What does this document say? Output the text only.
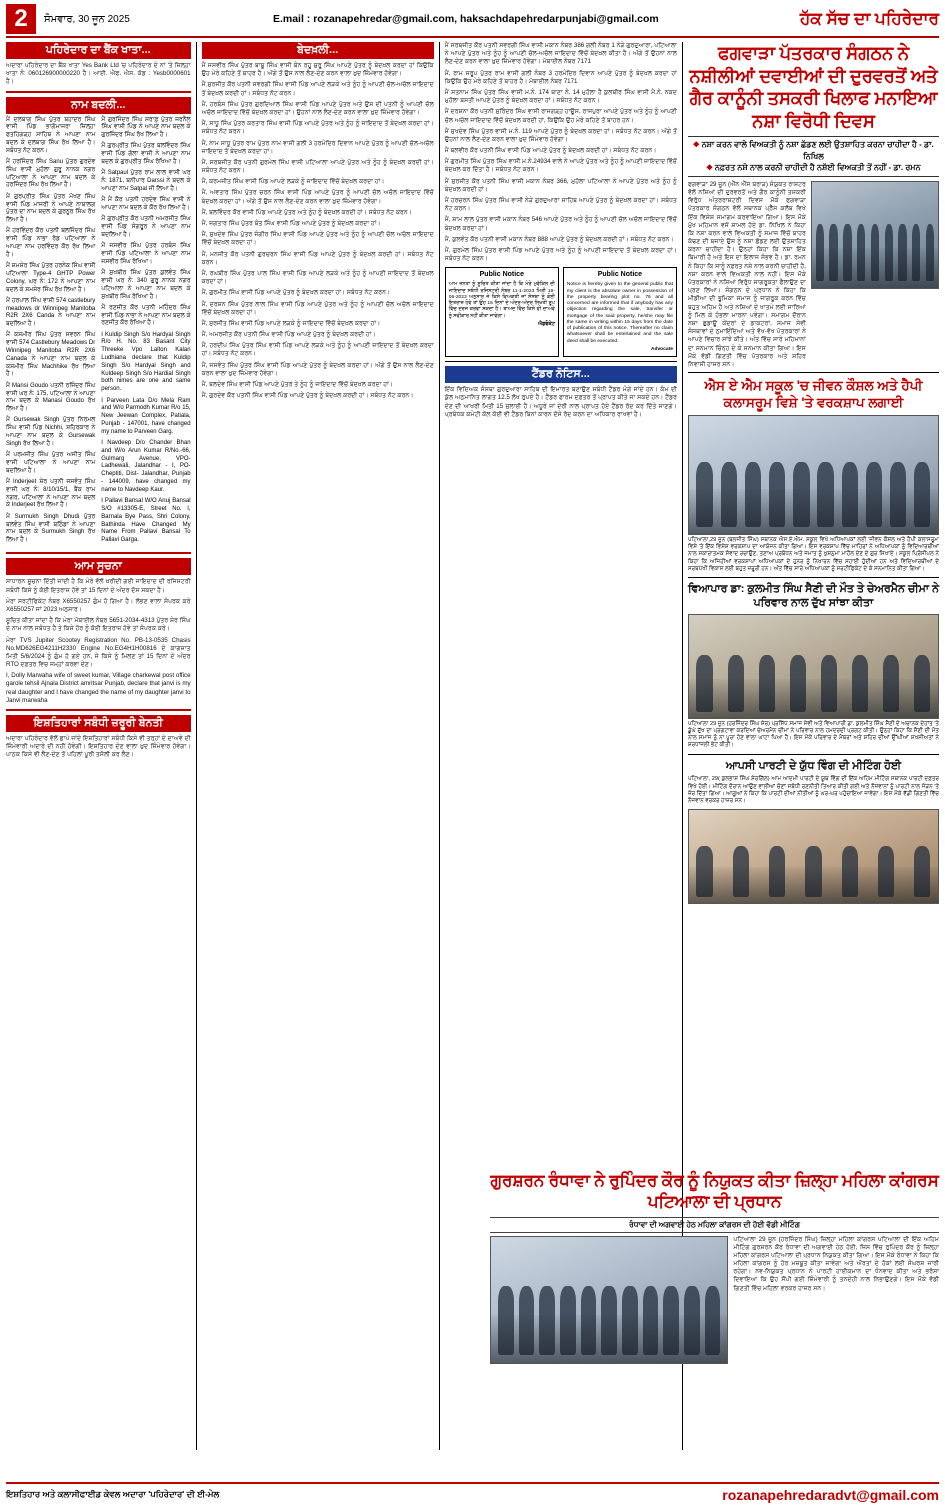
2	ਸੋਮਵਾਰ, 30 ਜੂਨ 2025	E.mail :
rozanapehredar@gmail.com, haksachdapehredarpunjabi@gmail.com	ਹੱਕ ਸੱਚ ਦਾ ਪਹਿਰੇਦਾਰ
ਪਹਿਰੇਦਾਰ ਦਾ ਬੈਂਕ ਖਾਤਾ...
ਅਦਾਰਾ ਪਹਿਰੇਦਾਰ ਦਾ ਬੈਂਕ ਖਾਤਾ Yes Bank Ltd 'ਚ ਪਹਿਰੇਦਾਰ ਦੇ ਨਾਂ 'ਤੇ ਜ਼ਿਲ੍ਹਾ ਖਾਤਾ ਨੰ: 060126900000220 ਹੈ। ਆਈ. ਐਫ. ਐਸ. ਕੋਡ : Yesb0000601 ਹੈ।
ਨਾਮ ਬਦਲੀ...

ਮੈਂ ਦਲਬਾਗ ਸਿੰਘ ਪੁੱਤਰ ਬਹਾਦਰ ਸਿੰਘ ਵਾਸੀ ਪਿੰਡ ਭਾਗੋਮਾਜਰਾ ਜ਼ਿਲ੍ਹਾ ਫਤਹਿਗੜ੍ਹ ਸਾਹਿਬ ਨੇ ਆਪਣਾ ਨਾਮ ਬਦਲ ਕੇ ਦਲਬਾਗ ਸਿੰਘ ਰੱਖ ਲਿਆ ਹੈ। ਸਬੰਧਤ ਨੋਟ ਕਰਨ।

ਮੈਂ ਹਰਜਿੰਦਰ ਸਿੰਘ Sanu ਪੁੱਤਰ ਗੁਰਦੇਵ ਸਿੰਘ ਵਾਸੀ ਮੁਹੱਲਾ ਗੁਰੂ ਨਾਨਕ ਨਗਰ ਪਟਿਆਲਾ ਨੇ ਆਪਣਾ ਨਾਮ ਬਦਲ ਕੇ ਹਰਜਿੰਦਰ ਸਿੰਘ ਰੱਖ ਲਿਆ ਹੈ।

ਮੈਂ ਗੁਰਪ੍ਰੀਤ ਸਿੰਘ ਪੁੱਤਰ ਮੱਖਣ ਸਿੰਘ ਵਾਸੀ ਪਿੰਡ ਮਾਜਰੀ ਨੇ ਆਪਣੇ ਨਾਬਾਲਗ ਪੁੱਤਰ ਦਾ ਨਾਮ ਬਦਲ ਕੇ ਗੁਰਨੂਰ ਸਿੰਘ ਰੱਖ ਲਿਆ ਹੈ।

ਮੈਂ ਹਰਵਿੰਦਰ ਕੌਰ ਪਤਨੀ ਬਲਜਿੰਦਰ ਸਿੰਘ ਵਾਸੀ ਪਿੰਡ ਨਾਭਾ ਰੋਡ ਪਟਿਆਲਾ ਨੇ ਆਪਣਾ ਨਾਮ ਹਰਵਿੰਦਰ ਕੌਰ ਰੱਖ ਲਿਆ ਹੈ।

ਮੈਂ ਸ਼ਮਸ਼ੇਰ ਸਿੰਘ ਪੁੱਤਰ ਹਰਨੇਕ ਸਿੰਘ ਵਾਸੀ ਪਟਿਆਲਾ Type-4 GHTP Power Colony, ਘਰ ਨੰ: 172 ਨੇ ਆਪਣਾ ਨਾਮ ਬਦਲ ਕੇ ਸ਼ਮਸ਼ੇਰ ਸਿੰਘ ਰੱਖ ਲਿਆ ਹੈ।

ਮੈਂ ਹਰਪਾਲ ਸਿੰਘ ਵਾਸੀ 574 castlebury meadows dr Winnipeg Manitoba R2R 2X6 Canda ਨੇ ਆਪਣਾ ਨਾਮ ਬਦਲਿਆ ਹੈ।

ਮੈਂ ਕਸ਼ਮੀਰ ਸਿੰਘ ਪੁੱਤਰ ਸਵਰਨ ਸਿੰਘ ਵਾਸੀ 574 Castlebury Meadows Dr Winnipeg Manitoba R2R 2X6 Canada ਨੇ ਆਪਣਾ ਨਾਮ ਬਦਲ ਕੇ ਕਸ਼ਮੀਰ ਸਿੰਘ Machhike ਰੱਖ ਲਿਆ ਹੈ।

ਮੈਂ Mansi Goudo ਪਤਨੀ ਰਜਿੰਦਰ ਸਿੰਘ ਵਾਸੀ ਘਰ ਨੰ: 175, ਪਟਿਆਲਾ ਨੇ ਆਪਣਾ ਨਾਮ ਬਦਲ ਕੇ Manasi Goudo ਰੱਖ ਲਿਆ ਹੈ।

ਮੈਂ Gursewak Singh ਪੁੱਤਰ ਨਿਰਮਲ ਸਿੰਘ ਵਾਸੀ ਪਿੰਡ Nichhi, ਸ਼ਹਿਰਕਾਰ ਨੇ ਆਪਣਾ ਨਾਮ ਬਦਲ ਕੇ Gursewak Singh ਰੱਖ ਲਿਆ ਹੈ।

ਮੈਂ ਪਰਮਜੀਤ ਸਿੰਘ ਪੁੱਤਰ ਅਜੀਤ ਸਿੰਘ ਵਾਸੀ ਪਟਿਆਲਾ ਨੇ ਆਪਣਾ ਨਾਮ ਬਦਲਿਆ ਹੈ।

ਮੈਂ Inderjeet ਸ਼ੇਰ ਪਤਨੀ ਜਸਵੰਤ ਸਿੰਘ ਵਾਸੀ ਘਰ ਨੰ: 8/10/15/1, ਬੈਂਕ ਰਾਮ ਨਗਰ, ਪਟਿਆਲਾ ਨੇ ਆਪਣਾ ਨਾਮ ਬਦਲ ਕੇ Inderjeet ਰੱਖ ਲਿਆ ਹੈ।

ਮੈਂ Surmukh Singh Dhudi ਪੁੱਤਰ ਬਲਵੰਤ ਸਿੰਘ ਵਾਸੀ ਬਠਿੰਡਾ ਨੇ ਆਪਣਾ ਨਾਮ ਬਦਲ ਕੇ Surmukh Singh ਰੱਖ ਲਿਆ ਹੈ।

ਮੈਂ ਗੁਰਜਿੰਦਰ ਸਿੰਘ ਸਰਾਫ਼ ਪੁੱਤਰ ਜਰਨੈਲ ਸਿੰਘ ਵਾਸੀ ਪਿੰਡ ਨੇ ਆਪਣੇ ਨਾਮ ਬਦਲ ਕੇ ਗੁਰਜਿੰਦਰ ਸਿੰਘ ਰੱਖ ਲਿਆ ਹੈ।

ਮੈਂ ਗੁਰਪ੍ਰੀਤ ਸਿੰਘ ਪੁੱਤਰ ਬਲਵਿੰਦਰ ਸਿੰਘ ਵਾਸੀ ਪਿੰਡ ਗੋਲਾ ਵਾਸੀ ਨੇ ਆਪਣਾ ਨਾਮ ਬਦਲ ਕੇ ਗੁਰਪ੍ਰੀਤ ਸਿੰਘ ਰੱਖਿਆ ਹੈ।

ਮੈਂ Satpaul ਪੁੱਤਰ ਰਾਮ ਲਾਲ ਵਾਸੀ ਘਰ ਨੰ: 1871, ਬਨੀਪਾਰ Darssi ਨੇ ਬਦਲ ਕੇ ਆਪਣਾ ਨਾਮ Satpal ਜੀ ਲਿਆ ਹੈ।

ਮੈਂ ਮੈਂ ਕੌਰ ਪਤਨੀ ਹਰਦੇਵ ਸਿੰਘ ਵਾਸੀ ਨੇ ਆਪਣਾ ਨਾਮ ਬਦਲ ਕੇ ਕੌਰ ਰੱਖ ਲਿਆ ਹੈ।

ਮੈਂ ਗੁਰਪ੍ਰੀਤ ਕੌਰ ਪਤਨੀ ਅਮਰਜੀਤ ਸਿੰਘ ਵਾਸੀ ਪਿੰਡ ਸੰਗਰੂਰ ਨੇ ਆਪਣਾ ਨਾਮ ਬਦਲਿਆ ਹੈ।

ਮੈਂ ਜਸਵੀਰ ਸਿੰਘ ਪੁੱਤਰ ਹਰਬੰਸ ਸਿੰਘ ਵਾਸੀ ਪਿੰਡ ਪਟਿਆਲਾ ਨੇ ਆਪਣਾ ਨਾਮ ਜਸਵੀਰ ਸਿੰਘ ਰੱਖਿਆ।

ਮੈਂ ਸੁਖਬੀਰ ਸਿੰਘ ਪੁੱਤਰ ਕੁਲਵੰਤ ਸਿੰਘ ਵਾਸੀ ਘਰ ਨੰ: 340 ਗੁਰੂ ਨਾਨਕ ਨਗਰ ਪਟਿਆਲਾ ਨੇ ਆਪਣਾ ਨਾਮ ਬਦਲ ਕੇ ਸੁਖਬੀਰ ਸਿੰਘ ਰੱਖਿਆ ਹੈ।

ਮੈਂ ਰਣਜੀਤ ਕੌਰ ਪਤਨੀ ਮਹਿੰਦਰ ਸਿੰਘ ਵਾਸੀ ਪਿੰਡ ਨਾਭਾ ਨੇ ਆਪਣਾ ਨਾਮ ਬਦਲ ਕੇ ਰਣਜੀਤ ਕੌਰ ਰੱਖਿਆ ਹੈ।

I Kuldip Singh S/o Hardyal Singh R/o H. No. 83 Basant City Threeke Vpo Lalton Kalan Ludhiana declare that Kuldip Singh S/o Hardyal Singh and Kuldeep Singh S/o Hardial Singh both nimes are one and same person.

I Parveen Lata D/o Mela Ram and W/o Parmodh Kumar R/o 15, New Jeewan Complex, Patiala, Punjab - 147001, have changed my name to Parveen Garg.

I Navdeep D/o Chander Bhan and W/o Arun Kumar R/No.-66, Gulmarg Avenue, VPO- Ladhewali, Jalandhar - I, PO- Cheptiti, Dist- Jalandhar, Punjab - 144009, have changed my name to Navdeep Kaur.

I Pallavi Bansal W/O Anuj Bansal S/O #13305-E, Street No. I, Barnala Bye Pass, Shri Colony, Bathinda Have Changed My Name From Pallavi Bansal To Pallavi Garga.

ਆਮ ਸੂਚਨਾ

ਸਾਧਾਰਨ ਸੂਚਨਾ ਦਿੱਤੀ ਜਾਂਦੀ ਹੈ ਕਿ ਮੇਰੇ ਵੱਲੋਂ ਖ਼ਰੀਦੀ ਗਈ ਜਾਇਦਾਦ ਦੀ ਰਜਿਸਟਰੀ ਸਬੰਧੀ ਕਿਸੇ ਨੂੰ ਕੋਈ ਇਤਰਾਜ਼ ਹੋਵੇ ਤਾਂ 15 ਦਿਨਾਂ ਦੇ ਅੰਦਰ ਦੱਸ ਸਕਦਾ ਹੈ।

ਮੇਰਾ ਸਰਟੀਫਿਕੇਟ ਨੰਬਰ X6550257 ਗੁੰਮ ਹੋ ਗਿਆ ਹੈ। ਲੱਭਣ ਵਾਲਾ ਸੰਪਰਕ ਕਰੇ X6550257 ਜਾਂ 2023 ਅਨੁਸਾਰ।

ਸੂਚਿਤ ਕੀਤਾ ਜਾਂਦਾ ਹੈ ਕਿ ਮੇਰਾ ਮੋਬਾਈਲ ਨੰਬਰ 5651-2034-4313 ਪੁੱਤਰ ਸ਼ੇਰ ਸਿੰਘ ਦੇ ਨਾਮ ਨਾਲ ਸਬੰਧਤ ਹੈ ਤੇ ਕਿਸੇ ਹੋਰ ਨੂੰ ਕੋਈ ਇਤਰਾਜ਼ ਹੋਵੇ ਤਾਂ ਸੰਪਰਕ ਕਰੇ।

ਮੇਰਾ TVS Jupiter Scootey Registration No. PB-13-0535 Chasis No.MD626EG4211H2330 Engine No.EG4H1H00816 ਦੇ ਕਾਗਜ਼ਾਤ ਮਿਤੀ 5/6/2024 ਨੂੰ ਗੁੰਮ ਹੋ ਗਏ ਹਨ, ਜੇ ਕਿਸੇ ਨੂੰ ਮਿਲਣ ਤਾਂ 15 ਦਿਨਾਂ ਦੇ ਅੰਦਰ RTO ਦਫ਼ਤਰ ਵਿਚ ਜਮ੍ਹਾਂ ਕਰਵਾ ਦੇਣ।

I, Dolly Marwaha wife of sweet kumar, Village charkewal post office garole tehsil Ajnala District amritsar Punjab, declare that janvi is my real daughter and I have changed the name of my daughter janvi to Janvi marwaha

ਇਸ਼ਤਿਹਾਰਾਂ ਸਬੰਧੀ ਜ਼ਰੂਰੀ ਬੇਨਤੀ
ਅਦਾਰਾ ਪਹਿਰੇਦਾਰ ਵੱਲੋਂ ਛਾਪੇ ਜਾਂਦੇ ਇਸ਼ਤਿਹਾਰਾਂ ਸਬੰਧੀ ਕਿਸੇ ਵੀ ਤਰ੍ਹਾਂ ਦੇ ਦਾਅਵੇ ਦੀ ਜ਼ਿੰਮੇਵਾਰੀ ਅਦਾਰੇ ਦੀ ਨਹੀਂ ਹੋਵੇਗੀ। ਇਸ਼ਤਿਹਾਰ ਦੇਣ ਵਾਲਾ ਖ਼ੁਦ ਜ਼ਿੰਮੇਵਾਰ ਹੋਵੇਗਾ। ਪਾਠਕ ਕਿਸੇ ਵੀ ਲੈਣ-ਦੇਣ ਤੋਂ ਪਹਿਲਾਂ ਪੂਰੀ ਤਸੱਲੀ ਕਰ ਲੈਣ।
ਬੇਦਖ਼ਲੀ...

ਮੈਂ ਜਸਵੀਰ ਸਿੰਘ ਪੁੱਤਰ ਬਾਬੂ ਸਿੰਘ ਵਾਸੀ ਬੰਨ ਰਹੂ ਸ਼ੁਰੂ ਸਿੰਘ ਆਪਣੇ ਪੁੱਤਰ ਨੂੰ ਬੇਦਖ਼ਲ ਕਰਦਾ ਹਾਂ ਕਿਉਂਕਿ ਉਹ ਮੇਰੇ ਕਹਿਣੇ ਤੋਂ ਬਾਹਰ ਹੈ। ਅੱਗੇ ਤੋਂ ਉਸ ਨਾਲ ਲੈਣ-ਦੇਣ ਕਰਨ ਵਾਲਾ ਖ਼ੁਦ ਜ਼ਿੰਮੇਵਾਰ ਹੋਵੇਗਾ।

ਮੈਂ ਸੁਰਜੀਤ ਕੌਰ ਪਤਨੀ ਸਵਰਗੀ ਸਿੰਘ ਵਾਸੀ ਪਿੰਡ ਆਪਣੇ ਲੜਕੇ ਅਤੇ ਨੂੰਹ ਨੂੰ ਆਪਣੀ ਚੱਲ-ਅਚੱਲ ਜਾਇਦਾਦ ਤੋਂ ਬੇਦਖ਼ਲ ਕਰਦੀ ਹਾਂ। ਸਬੰਧਤ ਨੋਟ ਕਰਨ।

ਮੈਂ, ਹਰਬੰਸ ਸਿੰਘ ਪੁੱਤਰ ਗੁਰਦਿਆਲ ਸਿੰਘ ਵਾਸੀ ਪਿੰਡ ਆਪਣੇ ਪੁੱਤਰ ਅਤੇ ਉਸ ਦੀ ਪਤਨੀ ਨੂੰ ਆਪਣੀ ਚੱਲ ਅਚੱਲ ਜਾਇਦਾਦ ਵਿੱਚੋਂ ਬੇਦਖ਼ਲ ਕਰਦਾ ਹਾਂ। ਉਹਨਾਂ ਨਾਲ ਲੈਣ-ਦੇਣ ਕਰਨ ਵਾਲਾ ਖ਼ੁਦ ਜ਼ਿੰਮੇਵਾਰ ਹੋਵੇਗਾ।

ਮੈਂ, ਸਾਧੂ ਸਿੰਘ ਪੁੱਤਰ ਕਰਤਾਰ ਸਿੰਘ ਵਾਸੀ ਪਿੰਡ ਆਪਣੇ ਪੁੱਤਰ ਅਤੇ ਨੂੰਹ ਨੂੰ ਜਾਇਦਾਦ ਤੋਂ ਬੇਦਖ਼ਲ ਕਰਦਾ ਹਾਂ। ਸਬੰਧਤ ਨੋਟ ਕਰਨ।

ਮੈਂ, ਨਾਮ ਸਾਧੂ ਪੁੱਤਰ ਰਾਮ ਪੁੱਤਰ ਨਾਮ ਵਾਸੀ ਗਲੀ 3 ਹਰਮੰਦਿਰ ਦਿਵਾਨ ਆਪਣੇ ਪੁੱਤਰ ਨੂੰ ਆਪਣੀ ਚੱਲ-ਅਚੱਲ ਜਾਇਦਾਦ ਤੋਂ ਬੇਦਖ਼ਲ ਕਰਦਾ ਹਾਂ।

ਮੈਂ, ਸਰਬਜੀਤ ਕੌਰ ਪਤਨੀ ਗੁਰਮੇਲ ਸਿੰਘ ਵਾਸੀ ਪਟਿਆਲਾ ਆਪਣੇ ਪੁੱਤਰ ਅਤੇ ਨੂੰਹ ਨੂੰ ਬੇਦਖ਼ਲ ਕਰਦੀ ਹਾਂ। ਸਬੰਧਤ ਨੋਟ ਕਰਨ।

ਮੈਂ, ਕਰਮਜੀਤ ਸਿੰਘ ਵਾਸੀ ਪਿੰਡ ਆਪਣੇ ਲੜਕੇ ਨੂੰ ਜਾਇਦਾਦ ਵਿੱਚੋਂ ਬੇਦਖ਼ਲ ਕਰਦਾ ਹਾਂ।

ਮੈਂ, ਅਵਤਾਰ ਸਿੰਘ ਪੁੱਤਰ ਚਰਨ ਸਿੰਘ ਵਾਸੀ ਪਿੰਡ ਆਪਣੇ ਪੁੱਤਰ ਨੂੰ ਆਪਣੀ ਚੱਲ ਅਚੱਲ ਜਾਇਦਾਦ ਵਿੱਚੋਂ ਬੇਦਖ਼ਲ ਕਰਦਾ ਹਾਂ। ਅੱਗੇ ਤੋਂ ਉਸ ਨਾਲ ਲੈਣ-ਦੇਣ ਕਰਨ ਵਾਲਾ ਖ਼ੁਦ ਜ਼ਿੰਮੇਵਾਰ ਹੋਵੇਗਾ।

ਮੈਂ, ਬਲਵਿੰਦਰ ਕੌਰ ਵਾਸੀ ਪਿੰਡ ਆਪਣੇ ਪੁੱਤਰ ਅਤੇ ਨੂੰਹ ਨੂੰ ਬੇਦਖ਼ਲ ਕਰਦੀ ਹਾਂ। ਸਬੰਧਤ ਨੋਟ ਕਰਨ।

ਮੈਂ, ਜਗਤਾਰ ਸਿੰਘ ਪੁੱਤਰ ਬੰਤ ਸਿੰਘ ਵਾਸੀ ਪਿੰਡ ਆਪਣੇ ਪੁੱਤਰ ਨੂੰ ਬੇਦਖ਼ਲ ਕਰਦਾ ਹਾਂ।

ਮੈਂ, ਸੁਖਦੇਵ ਸਿੰਘ ਪੁੱਤਰ ਜੰਗੀਰ ਸਿੰਘ ਵਾਸੀ ਪਿੰਡ ਆਪਣੇ ਪੁੱਤਰ ਅਤੇ ਨੂੰਹ ਨੂੰ ਆਪਣੀ ਚੱਲ ਅਚੱਲ ਜਾਇਦਾਦ ਵਿੱਚੋਂ ਬੇਦਖ਼ਲ ਕਰਦਾ ਹਾਂ।

ਮੈਂ, ਮਨਜੀਤ ਕੌਰ ਪਤਨੀ ਗੁਰਚਰਨ ਸਿੰਘ ਵਾਸੀ ਪਿੰਡ ਆਪਣੇ ਪੁੱਤਰ ਨੂੰ ਬੇਦਖ਼ਲ ਕਰਦੀ ਹਾਂ। ਸਬੰਧਤ ਨੋਟ ਕਰਨ।

ਮੈਂ, ਰਘਬੀਰ ਸਿੰਘ ਪੁੱਤਰ ਪਾਲ ਸਿੰਘ ਵਾਸੀ ਪਿੰਡ ਆਪਣੇ ਲੜਕੇ ਅਤੇ ਨੂੰਹ ਨੂੰ ਆਪਣੀ ਜਾਇਦਾਦ ਤੋਂ ਬੇਦਖ਼ਲ ਕਰਦਾ ਹਾਂ।

ਮੈਂ, ਗੁਰਮੀਤ ਸਿੰਘ ਵਾਸੀ ਪਿੰਡ ਆਪਣੇ ਪੁੱਤਰ ਨੂੰ ਬੇਦਖ਼ਲ ਕਰਦਾ ਹਾਂ। ਸਬੰਧਤ ਨੋਟ ਕਰਨ।

ਮੈਂ, ਦਰਸ਼ਨ ਸਿੰਘ ਪੁੱਤਰ ਲਾਲ ਸਿੰਘ ਵਾਸੀ ਪਿੰਡ ਆਪਣੇ ਪੁੱਤਰ ਅਤੇ ਨੂੰਹ ਨੂੰ ਆਪਣੀ ਚੱਲ ਅਚੱਲ ਜਾਇਦਾਦ ਵਿੱਚੋਂ ਬੇਦਖ਼ਲ ਕਰਦਾ ਹਾਂ।

ਮੈਂ, ਸੁਰਜੀਤ ਸਿੰਘ ਵਾਸੀ ਪਿੰਡ ਆਪਣੇ ਲੜਕੇ ਨੂੰ ਜਾਇਦਾਦ ਵਿੱਚੋਂ ਬੇਦਖ਼ਲ ਕਰਦਾ ਹਾਂ।

ਮੈਂ, ਅਮਰਜੀਤ ਕੌਰ ਪਤਨੀ ਸਿੰਘ ਵਾਸੀ ਪਿੰਡ ਆਪਣੇ ਪੁੱਤਰ ਨੂੰ ਬੇਦਖ਼ਲ ਕਰਦੀ ਹਾਂ।

ਮੈਂ, ਹਰਦੀਪ ਸਿੰਘ ਪੁੱਤਰ ਸਿੰਘ ਵਾਸੀ ਪਿੰਡ ਆਪਣੇ ਲੜਕੇ ਅਤੇ ਨੂੰਹ ਨੂੰ ਆਪਣੀ ਜਾਇਦਾਦ ਤੋਂ ਬੇਦਖ਼ਲ ਕਰਦਾ ਹਾਂ। ਸਬੰਧਤ ਨੋਟ ਕਰਨ।

ਮੈਂ, ਜਸਵੰਤ ਸਿੰਘ ਪੁੱਤਰ ਸਿੰਘ ਵਾਸੀ ਪਿੰਡ ਆਪਣੇ ਪੁੱਤਰ ਨੂੰ ਬੇਦਖ਼ਲ ਕਰਦਾ ਹਾਂ। ਅੱਗੇ ਤੋਂ ਉਸ ਨਾਲ ਲੈਣ-ਦੇਣ ਕਰਨ ਵਾਲਾ ਖ਼ੁਦ ਜ਼ਿੰਮੇਵਾਰ ਹੋਵੇਗਾ।

ਮੈਂ, ਬਲਦੇਵ ਸਿੰਘ ਵਾਸੀ ਪਿੰਡ ਆਪਣੇ ਪੁੱਤਰ ਤੇ ਨੂੰਹ ਨੂੰ ਜਾਇਦਾਦ ਵਿੱਚੋਂ ਬੇਦਖ਼ਲ ਕਰਦਾ ਹਾਂ।

ਮੈਂ, ਗੁਰਦੇਵ ਕੌਰ ਪਤਨੀ ਸਿੰਘ ਵਾਸੀ ਪਿੰਡ ਆਪਣੇ ਪੁੱਤਰ ਨੂੰ ਬੇਦਖ਼ਲ ਕਰਦੀ ਹਾਂ। ਸਬੰਧਤ ਨੋਟ ਕਰਨ।

ਮੈਂ ਸਰਬਜੀਤ ਕੌਰ ਪਤਨੀ ਸਵਰਗੀ ਸਿੰਘ ਵਾਸੀ ਮਕਾਨ ਨੰਬਰ 386 ਗਲੀ ਨੰਬਰ 1 ਨੇੜੇ ਗੁਰਦੁਆਰਾ, ਪਟਿਆਲਾ ਨੇ ਆਪਣੇ ਪੁੱਤਰ ਅਤੇ ਨੂੰਹ ਨੂੰ ਆਪਣੀ ਚੱਲ-ਅਚੱਲ ਜਾਇਦਾਦ ਵਿੱਚੋਂ ਬੇਦਖ਼ਲ ਕੀਤਾ ਹੈ। ਅੱਗੇ ਤੋਂ ਉਹਨਾਂ ਨਾਲ ਲੈਣ-ਦੇਣ ਕਰਨ ਵਾਲਾ ਖ਼ੁਦ ਜ਼ਿੰਮੇਵਾਰ ਹੋਵੇਗਾ। ਮੋਬਾਈਲ ਨੰਬਰ 7171

ਮੈਂ, ਰਾਮ ਸਰੂਪ ਪੁੱਤਰ ਰਾਮ ਵਾਸੀ ਗਲੀ ਨੰਬਰ 3 ਹਰਮੰਦਿਰ ਦਿਵਾਨ ਆਪਣੇ ਪੁੱਤਰ ਨੂੰ ਬੇਦਖ਼ਲ ਕਰਦਾ ਹਾਂ ਕਿਉਂਕਿ ਉਹ ਮੇਰੇ ਕਹਿਣੇ ਤੋਂ ਬਾਹਰ ਹੈ। ਮੋਬਾਈਲ ਨੰਬਰ 7171

ਮੈਂ ਸਤਨਾਮ ਸਿੰਘ ਪੁੱਤਰ ਸਿੰਘ ਵਾਸੀ ਮ.ਨੰ. 174 ਥਾਣਾ ਨੰ. 14 ਮੁਹੱਲਾ ਹੈ ਕੁਲਬੀਰ ਸਿੰਘ ਵਾਸੀ ਮੈ.ਨੰ. ਨਕਦ ਮੁਹੱਲਾ ਬਸਤੀ ਆਪਣੇ ਪੁੱਤਰ ਨੂੰ ਬੇਦਖ਼ਲ ਕਰਦਾ ਹਾਂ। ਸਬੰਧਤ ਨੋਟ ਕਰਨ।

ਮੈਂ ਦਰਸ਼ਨਾ ਕੌਰ ਪਤਨੀ ਸੁਰਿੰਦਰ ਸਿੰਘ ਵਾਸੀ ਰਾਜਗੜ੍ਹ ਹਾਊਸ, ਰਾਜਪੁਰਾ ਆਪਣੇ ਪੁੱਤਰ ਅਤੇ ਨੂੰਹ ਨੂੰ ਆਪਣੀ ਚੱਲ ਅਚੱਲ ਜਾਇਦਾਦ ਵਿੱਚੋਂ ਬੇਦਖ਼ਲ ਕਰਦੀ ਹਾਂ, ਕਿਉਂਕਿ ਉਹ ਮੇਰੇ ਕਹਿਣੇ ਤੋਂ ਬਾਹਰ ਹਨ।

ਮੈਂ ਸੁਖਦੇਵ ਸਿੰਘ ਪੁੱਤਰ ਵਾਸੀ ਮ.ਨੰ. 119 ਆਪਣੇ ਪੁੱਤਰ ਨੂੰ ਬੇਦਖ਼ਲ ਕਰਦਾ ਹਾਂ। ਸਬੰਧਤ ਨੋਟ ਕਰਨ। ਅੱਗੇ ਤੋਂ ਉਹਨਾਂ ਨਾਲ ਲੈਣ-ਦੇਣ ਕਰਨ ਵਾਲਾ ਖ਼ੁਦ ਜ਼ਿੰਮੇਵਾਰ ਹੋਵੇਗਾ।

ਮੈਂ ਬਲਵੀਰ ਕੌਰ ਪਤਨੀ ਸਿੰਘ ਵਾਸੀ ਪਿੰਡ ਆਪਣੇ ਪੁੱਤਰ ਨੂੰ ਬੇਦਖ਼ਲ ਕਰਦੀ ਹਾਂ। ਸਬੰਧਤ ਨੋਟ ਕਰਨ।

ਮੈਂ ਗੁਰਮੀਤ ਸਿੰਘ ਪੁੱਤਰ ਸਿੰਘ ਵਾਸੀ ਮ.ਨੰ.24934 ਵਾਲੇ ਨੇ ਆਪਣੇ ਪੁੱਤਰ ਅਤੇ ਨੂੰਹ ਨੂੰ ਆਪਣੀ ਜਾਇਦਾਦ ਵਿੱਚੋਂ ਬੇਦਖ਼ਲ ਕਰ ਦਿੱਤਾ ਹੈ। ਸਬੰਧਤ ਨੋਟ ਕਰਨ।

ਮੈਂ ਸੁਰਜੀਤ ਕੌਰ ਪਤਨੀ ਸਿੰਘ ਵਾਸੀ ਮਕਾਨ ਨੰਬਰ 366, ਮੁਹੱਲਾ ਪਟਿਆਲਾ ਨੇ ਆਪਣੇ ਪੁੱਤਰ ਅਤੇ ਨੂੰਹ ਨੂੰ ਬੇਦਖ਼ਲ ਕਰਦੀ ਹਾਂ।

ਮੈਂ ਹਰਚਰਨ ਸਿੰਘ ਪੁੱਤਰ ਸਿੰਘ ਵਾਸੀ ਨੇੜੇ ਗੁਰਦੁਆਰਾ ਸਾਹਿਬ ਆਪਣੇ ਪੁੱਤਰ ਨੂੰ ਬੇਦਖ਼ਲ ਕਰਦਾ ਹਾਂ। ਸਬੰਧਤ ਨੋਟ ਕਰਨ।

ਮੈਂ, ਸ਼ਾਮ ਲਾਲ ਪੁੱਤਰ ਵਾਸੀ ਮਕਾਨ ਨੰਬਰ 546 ਆਪਣੇ ਪੁੱਤਰ ਅਤੇ ਨੂੰਹ ਨੂੰ ਆਪਣੀ ਚੱਲ ਅਚੱਲ ਜਾਇਦਾਦ ਵਿੱਚੋਂ ਬੇਦਖ਼ਲ ਕਰਦਾ ਹਾਂ।

ਮੈਂ, ਕੁਲਵੰਤ ਕੌਰ ਪਤਨੀ ਵਾਸੀ ਮਕਾਨ ਨੰਬਰ 888 ਆਪਣੇ ਪੁੱਤਰ ਨੂੰ ਬੇਦਖ਼ਲ ਕਰਦੀ ਹਾਂ। ਸਬੰਧਤ ਨੋਟ ਕਰਨ।

ਮੈਂ, ਗੁਰਮੇਲ ਸਿੰਘ ਪੁੱਤਰ ਵਾਸੀ ਪਿੰਡ ਆਪਣੇ ਪੁੱਤਰ ਅਤੇ ਨੂੰਹ ਨੂੰ ਆਪਣੀ ਜਾਇਦਾਦ ਤੋਂ ਬੇਦਖ਼ਲ ਕਰਦਾ ਹਾਂ। ਸਬੰਧਤ ਨੋਟ ਕਰਨ।

Public Notice
ਆਮ ਜਨਤਾ ਨੂੰ ਸੂਚਿਤ ਕੀਤਾ ਜਾਂਦਾ ਹੈ ਕਿ ਮੇਰੇ ਮੁਵੱਕਿਲ ਦੀ ਜਾਇਦਾਦ ਸਬੰਧੀ ਰਜਿਸਟਰੀ ਨੰਬਰ 11-1-2023 ਮਿਤੀ 19-06-2023 ਅਨੁਸਾਰ ਜੇ ਕਿਸੇ ਵਿਅਕਤੀ ਜਾਂ ਸੰਸਥਾ ਨੂੰ ਕੋਈ ਇਤਰਾਜ਼ ਹੋਵੇ ਤਾਂ ਉਹ 15 ਦਿਨਾਂ ਦੇ ਅੰਦਰ-ਅੰਦਰ ਲਿਖਤੀ ਰੂਪ ਵਿੱਚ ਦਰਜ ਕਰਵਾ ਸਕਦਾ ਹੈ। ਬਾਅਦ ਵਿੱਚ ਕਿਸੇ ਵੀ ਦਾਅਵੇ ਨੂੰ ਸਵੀਕਾਰ ਨਹੀਂ ਕੀਤਾ ਜਾਵੇਗਾ।
ਐਡਵੋਕੇਟ
Public Notice
Notice is hereby given to the general public that my client is the absolute owner in possession of the property bearing plot no. 76 and all concerned are informed that if anybody has any objection regarding the sale, transfer or mortgage of the said property, he/she may file the same in writing within 15 days from the date of publication of this notice. Thereafter no claim whatsoever shall be entertained and the sale deed shall be executed.
Advocate
ਟੈਂਡਰ ਨੋਟਿਸ...
ਇੱਕ ਵਿਦਿਅਕ ਸੰਸਥਾ ਗੁਰਦੁਆਰਾ ਸਾਹਿਬ ਦੀ ਇਮਾਰਤ ਬਣਾਉਣ ਸਬੰਧੀ ਟੈਂਡਰ ਮੰਗੇ ਜਾਂਦੇ ਹਨ। ਕੰਮ ਦੀ ਕੁੱਲ ਅਨੁਮਾਨਿਤ ਲਾਗਤ 12.5 ਲੱਖ ਰੁਪਏ ਹੈ। ਟੈਂਡਰ ਫਾਰਮ ਦਫ਼ਤਰ ਤੋਂ ਪ੍ਰਾਪਤ ਕੀਤੇ ਜਾ ਸਕਦੇ ਹਨ। ਟੈਂਡਰ ਦੇਣ ਦੀ ਆਖਰੀ ਮਿਤੀ 15 ਜੁਲਾਈ ਹੈ। ਅਧੂਰੇ ਜਾਂ ਦੇਰੀ ਨਾਲ ਪ੍ਰਾਪਤ ਹੋਏ ਟੈਂਡਰ ਰੱਦ ਕਰ ਦਿੱਤੇ ਜਾਣਗੇ। ਪ੍ਰਬੰਧਕ ਕਮੇਟੀ ਕੋਲ ਕੋਈ ਵੀ ਟੈਂਡਰ ਬਿਨਾਂ ਕਾਰਨ ਦੱਸੇ ਰੱਦ ਕਰਨ ਦਾ ਅਧਿਕਾਰ ਰਾਖਵਾਂ ਹੈ।
ਫਗਵਾੜਾ ਪੱਤਰਕਾਰ ਸੰਗਠਨ ਨੇ ਨਸ਼ੀਲੀਆਂ ਦਵਾਈਆਂ ਦੀ ਦੁਰਵਰਤੋਂ ਅਤੇ ਗੈਰ ਕਾਨੂੰਨੀ ਤਸਕਰੀ ਖਿਲਾਫ ਮਨਾਇਆ ਨਸ਼ਾ ਵਿਰੋਧੀ ਦਿਵਸ
◆ ਨਸ਼ਾ ਕਰਨ ਵਾਲੇ ਵਿਅਕਤੀ ਨੂੰ ਨਸ਼ਾ ਛੱਡਣ ਲਈ ਉਤਸ਼ਾਹਿਤ ਕਰਨਾ ਚਾਹੀਦਾ ਹੈ - ਡਾ. ਨਿਖਿਲ
◆ ਨਫ਼ਰਤ ਨਸ਼ੇ ਨਾਲ ਕਰਨੀ ਚਾਹੀਦੀ ਹੈ ਨਸ਼ੱਈ ਵਿਅਕਤੀ ਤੋਂ ਨਹੀਂ - ਡਾ. ਰਮਨ
ਫਗਵਾੜਾ 29 ਜੂਨ (ਐੱਨ ਐੱਸ ਬਰਾੜ) ਸੰਯੁਕਤ ਰਾਸ਼ਟਰ ਵੱਲੋਂ ਨਸ਼ਿਆਂ ਦੀ ਦੁਰਵਰਤੋਂ ਅਤੇ ਗੈਰ ਕਾਨੂੰਨੀ ਤਸਕਰੀ ਵਿਰੁੱਧ ਅੰਤਰਰਾਸ਼ਟਰੀ ਦਿਵਸ ਮੌਕੇ ਫਗਵਾੜਾ ਪੱਤਰਕਾਰ ਸੰਗਠਨ ਵੱਲੋਂ ਸਥਾਨਕ ਪ੍ਰੈੱਸ ਕਲੱਬ ਵਿਖੇ ਇੱਕ ਵਿਸ਼ੇਸ਼ ਸਮਾਗਮ ਕਰਵਾਇਆ ਗਿਆ। ਇਸ ਮੌਕੇ ਮੁੱਖ ਮਹਿਮਾਨ ਵਜੋਂ ਸ਼ਾਮਲ ਹੋਏ ਡਾ. ਨਿਖਿਲ ਨੇ ਕਿਹਾ ਕਿ ਨਸ਼ਾ ਕਰਨ ਵਾਲੇ ਵਿਅਕਤੀ ਨੂੰ ਸਮਾਜ ਵਿੱਚੋਂ ਬਾਹਰ ਕੱਢਣ ਦੀ ਬਜਾਏ ਉਸ ਨੂੰ ਨਸ਼ਾ ਛੱਡਣ ਲਈ ਉਤਸ਼ਾਹਿਤ ਕਰਨਾ ਚਾਹੀਦਾ ਹੈ। ਉਨ੍ਹਾਂ ਕਿਹਾ ਕਿ ਨਸ਼ਾ ਇੱਕ ਬਿਮਾਰੀ ਹੈ ਅਤੇ ਇਸ ਦਾ ਇਲਾਜ ਸੰਭਵ ਹੈ। ਡਾ. ਰਮਨ ਨੇ ਕਿਹਾ ਕਿ ਸਾਨੂੰ ਨਫ਼ਰਤ ਨਸ਼ੇ ਨਾਲ ਕਰਨੀ ਚਾਹੀਦੀ ਹੈ, ਨਸ਼ਾ ਕਰਨ ਵਾਲੇ ਵਿਅਕਤੀ ਨਾਲ ਨਹੀਂ। ਇਸ ਮੌਕੇ ਪੱਤਰਕਾਰਾਂ ਨੇ ਨਸ਼ਿਆਂ ਵਿਰੁੱਧ ਜਾਗਰੂਕਤਾ ਫੈਲਾਉਣ ਦਾ ਪ੍ਰਣ ਲਿਆ। ਸੰਗਠਨ ਦੇ ਪ੍ਰਧਾਨ ਨੇ ਕਿਹਾ ਕਿ ਮੀਡੀਆ ਦੀ ਭੂਮਿਕਾ ਸਮਾਜ ਨੂੰ ਜਾਗਰੂਕ ਕਰਨ ਵਿੱਚ ਬਹੁਤ ਅਹਿਮ ਹੈ ਅਤੇ ਨਸ਼ਿਆਂ ਦੇ ਖਾਤਮੇ ਲਈ ਸਾਰਿਆਂ ਨੂੰ ਮਿਲ ਕੇ ਹੰਭਲਾ ਮਾਰਨਾ ਪਵੇਗਾ। ਸਮਾਗਮ ਦੌਰਾਨ ਨਸ਼ਾ ਛੁਡਾਊ ਕੇਂਦਰਾਂ ਦੇ ਡਾਕਟਰਾਂ, ਸਮਾਜ ਸੇਵੀ ਸੰਸਥਾਵਾਂ ਦੇ ਨੁਮਾਇੰਦਿਆਂ ਅਤੇ ਵੱਖ-ਵੱਖ ਪੱਤਰਕਾਰਾਂ ਨੇ ਆਪਣੇ ਵਿਚਾਰ ਸਾਂਝੇ ਕੀਤੇ। ਅੰਤ ਵਿੱਚ ਸਾਰੇ ਮਹਿਮਾਨਾਂ ਦਾ ਸਨਮਾਨ ਚਿੰਨ੍ਹ ਦੇ ਕੇ ਸਨਮਾਨ ਕੀਤਾ ਗਿਆ। ਇਸ ਮੌਕੇ ਵੱਡੀ ਗਿਣਤੀ ਵਿੱਚ ਪੱਤਰਕਾਰ ਅਤੇ ਸ਼ਹਿਰ ਨਿਵਾਸੀ ਹਾਜ਼ਰ ਸਨ।
ਐਸ ਏ ਐਮ ਸਕੂਲ 'ਚ ਜੀਵਨ ਕੌਸ਼ਲ ਅਤੇ ਹੈਪੀ ਕਲਾਸਰੂਮ ਵਿਸ਼ੇ 'ਤੇ ਵਰਕਸ਼ਾਪ ਲਗਾਈ
ਪਟਿਆਲਾ,29 ਜੂਨ (ਬਲਜੀਤ ਸਿੰਘ) ਸਥਾਨਕ ਐਸ.ਏ.ਐਮ. ਸਕੂਲ ਵਿਖੇ ਅਧਿਆਪਕਾਂ ਲਈ 'ਜੀਵਨ ਕੌਸ਼ਲ ਅਤੇ ਹੈਪੀ ਕਲਾਸਰੂਮ' ਵਿਸ਼ੇ 'ਤੇ ਇੱਕ ਵਿਸ਼ੇਸ਼ ਵਰਕਸ਼ਾਪ ਦਾ ਆਯੋਜਨ ਕੀਤਾ ਗਿਆ। ਇਸ ਵਰਕਸ਼ਾਪ ਵਿੱਚ ਮਾਹਿਰਾਂ ਨੇ ਅਧਿਆਪਕਾਂ ਨੂੰ ਵਿਦਿਆਰਥੀਆਂ ਨਾਲ ਸਕਾਰਾਤਮਕ ਸੰਵਾਦ ਰਚਾਉਣ, ਤਣਾਅ ਪ੍ਰਬੰਧਨ ਅਤੇ ਜਮਾਤ ਨੂੰ ਖੁਸ਼ਨੁਮਾ ਮਾਹੌਲ ਦੇਣ ਦੇ ਗੁਰ ਸਿਖਾਏ। ਸਕੂਲ ਪ੍ਰਿੰਸੀਪਲ ਨੇ ਕਿਹਾ ਕਿ ਅਜਿਹੀਆਂ ਵਰਕਸ਼ਾਪਾਂ ਅਧਿਆਪਕਾਂ ਦੇ ਹੁਨਰ ਨੂੰ ਨਿਖਾਰਨ ਵਿੱਚ ਸਹਾਈ ਹੁੰਦੀਆਂ ਹਨ ਅਤੇ ਵਿਦਿਆਰਥੀਆਂ ਦੇ ਸਰਬਪੱਖੀ ਵਿਕਾਸ ਲਈ ਬਹੁਤ ਜ਼ਰੂਰੀ ਹਨ। ਅੰਤ ਵਿੱਚ ਸਾਰੇ ਅਧਿਆਪਕਾਂ ਨੂੰ ਸਰਟੀਫਿਕੇਟ ਦੇ ਕੇ ਸਨਮਾਨਿਤ ਕੀਤਾ ਗਿਆ।
ਵਿਆਪਾਰ ਡਾ: ਕੁਲਮੀਤ ਸਿੰਘ ਸੈਣੀ ਦੀ ਮੌਤ ਤੇ ਚੇਅਰਮੈਨ ਚੀਮਾ ਨੇ ਪਰਿਵਾਰ ਨਾਲ ਦੁੱਖ ਸਾਂਝਾ ਕੀਤਾ
ਪਟਿਆਲਾ 29 ਜੂਨ (ਹਰਜਿੰਦਰ ਸਿੰਘ ਸ਼ੇਰ) ਪ੍ਰਸਿੱਧ ਸਮਾਜ ਸੇਵੀ ਅਤੇ ਵਿਆਪਾਰੀ ਡਾ. ਕੁਲਮੀਤ ਸਿੰਘ ਸੈਣੀ ਦੇ ਅਚਾਨਕ ਦੇਹਾਂਤ 'ਤੇ ਡੂੰਘੇ ਦੁੱਖ ਦਾ ਪ੍ਰਗਟਾਵਾ ਕਰਦਿਆਂ ਚੇਅਰਮੈਨ ਚੀਮਾ ਨੇ ਪਰਿਵਾਰ ਨਾਲ ਹਮਦਰਦੀ ਪ੍ਰਗਟ ਕੀਤੀ। ਉਨ੍ਹਾਂ ਕਿਹਾ ਕਿ ਸੈਣੀ ਦੀ ਮੌਤ ਨਾਲ ਸਮਾਜ ਨੂੰ ਨਾ ਪੂਰਾ ਹੋਣ ਵਾਲਾ ਘਾਟਾ ਪਿਆ ਹੈ। ਇਸ ਮੌਕੇ ਪਰਿਵਾਰ ਦੇ ਮੈਂਬਰਾਂ ਅਤੇ ਸ਼ਹਿਰ ਦੀਆਂ ਉੱਘੀਆਂ ਸ਼ਖਸੀਅਤਾਂ ਨੇ ਸ਼ਰਧਾਂਜਲੀ ਭੇਟ ਕੀਤੀ।
ਆਪਸੀ ਪਾਰਟੀ ਦੇ ਯੁੱਧ ਵਿੰਗ ਦੀ ਮੀਟਿੰਗ ਹੋਈ
ਪਟਿਆਲਾ, 29( ਕੁਲਭਾਸ਼ ਸਿੰਘ ਸ਼ੇਰਗਿੱਲ) ਆਮ ਆਦਮੀ ਪਾਰਟੀ ਦੇ ਯੂਥ ਵਿੰਗ ਦੀ ਇੱਕ ਅਹਿਮ ਮੀਟਿੰਗ ਸਥਾਨਕ ਪਾਰਟੀ ਦਫ਼ਤਰ ਵਿਖੇ ਹੋਈ। ਮੀਟਿੰਗ ਦੌਰਾਨ ਆਉਣ ਵਾਲੀਆਂ ਚੋਣਾਂ ਸਬੰਧੀ ਰਣਨੀਤੀ ਤਿਆਰ ਕੀਤੀ ਗਈ ਅਤੇ ਨੌਜਵਾਨਾਂ ਨੂੰ ਪਾਰਟੀ ਨਾਲ ਜੋੜਨ 'ਤੇ ਜ਼ੋਰ ਦਿੱਤਾ ਗਿਆ। ਆਗੂਆਂ ਨੇ ਕਿਹਾ ਕਿ ਪਾਰਟੀ ਦੀਆਂ ਨੀਤੀਆਂ ਨੂੰ ਘਰ-ਘਰ ਪਹੁੰਚਾਇਆ ਜਾਵੇਗਾ। ਇਸ ਮੌਕੇ ਵੱਡੀ ਗਿਣਤੀ ਵਿੱਚ ਨੌਜਵਾਨ ਵਰਕਰ ਹਾਜ਼ਰ ਸਨ।
ਗੁਰਸ਼ਰਨ ਰੰਧਾਵਾ ਨੇ ਰੁਪਿੰਦਰ ਕੌਰ ਨੂੰ ਨਿਯੁਕਤ ਕੀਤਾ ਜ਼ਿਲ੍ਹਾ ਮਹਿਲਾ ਕਾਂਗਰਸ ਪਟਿਆਲਾ ਦੀ ਪ੍ਰਧਾਨ
ਰੰਧਾਵਾ ਦੀ ਅਗਵਾਈ ਹੇਠ ਮਹਿਲਾ ਕਾਂਗਰਸ ਦੀ ਹੋਈ ਵੱਡੀ ਮੀਟਿੰਗ
ਪਟਿਆਲਾ 29 ਜੂਨ (ਹਰਜਿੰਦਰ ਸਿੰਘ) ਜ਼ਿਲ੍ਹਾ ਮਹਿਲਾ ਕਾਂਗਰਸ ਪਟਿਆਲਾ ਦੀ ਇੱਕ ਅਹਿਮ ਮੀਟਿੰਗ ਗੁਰਸ਼ਰਨ ਕੌਰ ਰੰਧਾਵਾ ਦੀ ਅਗਵਾਈ ਹੇਠ ਹੋਈ, ਜਿਸ ਵਿੱਚ ਰੁਪਿੰਦਰ ਕੌਰ ਨੂੰ ਜ਼ਿਲ੍ਹਾ ਮਹਿਲਾ ਕਾਂਗਰਸ ਪਟਿਆਲਾ ਦੀ ਪ੍ਰਧਾਨ ਨਿਯੁਕਤ ਕੀਤਾ ਗਿਆ। ਇਸ ਮੌਕੇ ਰੰਧਾਵਾ ਨੇ ਕਿਹਾ ਕਿ ਮਹਿਲਾ ਕਾਂਗਰਸ ਨੂੰ ਹੋਰ ਮਜ਼ਬੂਤ ਕੀਤਾ ਜਾਵੇਗਾ ਅਤੇ ਔਰਤਾਂ ਦੇ ਹੱਕਾਂ ਲਈ ਸੰਘਰਸ਼ ਜਾਰੀ ਰਹੇਗਾ। ਨਵ-ਨਿਯੁਕਤ ਪ੍ਰਧਾਨ ਨੇ ਪਾਰਟੀ ਹਾਈਕਮਾਨ ਦਾ ਧੰਨਵਾਦ ਕੀਤਾ ਅਤੇ ਭਰੋਸਾ ਦਿਵਾਇਆ ਕਿ ਉਹ ਸੌਂਪੀ ਗਈ ਜ਼ਿੰਮੇਵਾਰੀ ਨੂੰ ਤਨਦੇਹੀ ਨਾਲ ਨਿਭਾਉਣਗੇ। ਇਸ ਮੌਕੇ ਵੱਡੀ ਗਿਣਤੀ ਵਿੱਚ ਮਹਿਲਾ ਵਰਕਰ ਹਾਜ਼ਰ ਸਨ।
ਇਸ਼ਤਿਹਾਰ ਅਤੇ ਕਲਾਸੀਫਾਈਡ ਕੇਵਲ ਅਦਾਰਾ 'ਪਹਿਰੇਦਾਰ' ਦੀ ਈ-ਮੇਲ	rozanapehredaradvt@gmail.com
